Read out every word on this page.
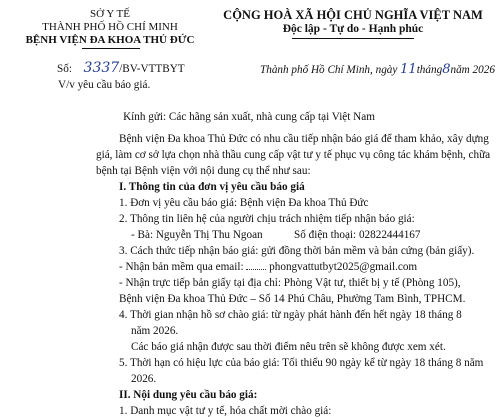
SỞ Y TẾ
THÀNH PHỐ HỒ CHÍ MINH
BỆNH VIỆN ĐA KHOA THỦ ĐỨC
Số: 3337/BV-VTTBYT
V/v yêu cầu báo giá.
CỘNG HOÀ XÃ HỘI CHỦ NGHĨA VIỆT NAM
Độc lập - Tự do - Hạnh phúc
Thành phố Hồ Chí Minh, ngày 11tháng8năm 2026
Kính gửi: Các hãng sản xuất, nhà cung cấp tại Việt Nam
Bệnh viện Đa khoa Thủ Đức có nhu cầu tiếp nhận báo giá để tham khảo, xây dựng
giá, làm cơ sở lựa chọn nhà thầu cung cấp vật tư y tế phục vụ công tác khám bệnh, chữa
bệnh tại Bệnh viện với nội dung cụ thể như sau:
I. Thông tin của đơn vị yêu cầu báo giá
1. Đơn vị yêu cầu báo giá: Bệnh viện Đa khoa Thủ Đức
2. Thông tin liên hệ của người chịu trách nhiệm tiếp nhận báo giá:
- Bà: Nguyễn Thị Thu Ngoan	Số điện thoại: 02822444167
3. Cách thức tiếp nhận báo giá: gửi đồng thời bản mềm và bản cứng (bản giấy).
- Nhận bản mềm qua email: phongvattutbyt2025@gmail.com
- Nhận trực tiếp bản giấy tại địa chỉ: Phòng Vật tư, thiết bị y tế (Phòng 105),
Bệnh viện Đa khoa Thủ Đức – Số 14 Phú Châu, Phường Tam Bình, TPHCM.
4. Thời gian nhận hồ sơ chào giá: từ ngày phát hành đến hết ngày 18 tháng 8
năm 2026.
Các báo giá nhận được sau thời điểm nêu trên sẽ không được xem xét.
5. Thời hạn có hiệu lực của báo giá: Tối thiểu 90 ngày kể từ ngày 18 tháng 8 năm
2026.
II. Nội dung yêu cầu báo giá:
1. Danh mục vật tư y tế, hóa chất mời chào giá:
